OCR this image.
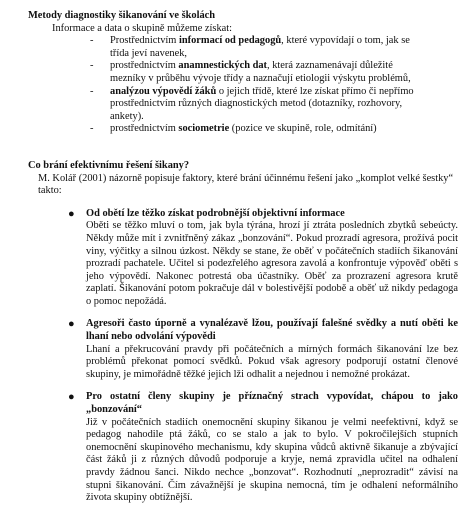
Metody diagnostiky šikanování ve školách

Informace a data o skupině můžeme získat:

- Prostřednictvím informací od pedagogů, které vypovídají o tom, jak se třída jeví navenek,
- prostřednictvím anamnestických dat, která zaznamenávají důležité mezníky v průběhu vývoje třídy a naznačují etiologii výskytu problémů,
- analýzou výpovědí žáků o jejich třídě, které lze získat přímo či nepřímo prostřednictvím různých diagnostických metod (dotazníky, rozhovory, ankety).
- prostřednictvím sociometrie (pozice ve skupině, role, odmítání)

Co brání efektivnímu řešení šikany?

M. Kolář (2001) názorně popisuje faktory, které brání účinnému řešení jako „komplot velké šestky“ takto:

● Od obětí lze těžko získat podrobnější objektivní informace

Oběti se těžko mluví o tom, jak byla týrána, hrozí jí ztráta posledních zbytků sebeúcty. Někdy může mít i zvnitřněný zákaz „bonzování“. Pokud prozradí agresora, prožívá pocit viny, výčitky a silnou úzkost. Někdy se stane, že oběť v počátečních stadiích šikanování prozradí pachatele. Učitel si podezřelého agresora zavolá a konfrontuje výpověď oběti s jeho výpovědí. Nakonec potrestá oba účastníky. Oběť za prozrazení agresora krutě zaplatí. Šikanování potom pokračuje dál v bolestivější podobě a oběť už nikdy pedagoga o pomoc nepožádá.

● Agresoři často úporně a vynalézavě lžou, používají falešné svědky a nutí oběti ke lhaní nebo odvolání výpovědi

Lhaní a překrucování pravdy při počátečních a mírných formách šikanování lze bez problémů překonat pomocí svědků. Pokud však agresory podporují ostatní členové skupiny, je mimořádně těžké jejich lži odhalit a nejednou i nemožné prokázat.

● Pro ostatní členy skupiny je příznačný strach vypovídat, chápou to jako „bonzování“

Již v počátečních stadiích onemocnění skupiny šikanou je velmi neefektivní, když se pedagog nahodile ptá žáků, co se stalo a jak to bylo. V pokročilejších stupních onemocnění skupinového mechanismu, kdy skupina vůdců aktivně šikanuje a zbývající část žáků ji z různých důvodů podporuje a kryje, nemá zpravidla učitel na odhalení pravdy žádnou šanci. Nikdo nechce „bonzovat“. Rozhodnutí „neprozradit“ závisí na stupni šikanování. Čím závažnější je skupina nemocná, tím je odhalení neformálního života skupiny obtížnější.
